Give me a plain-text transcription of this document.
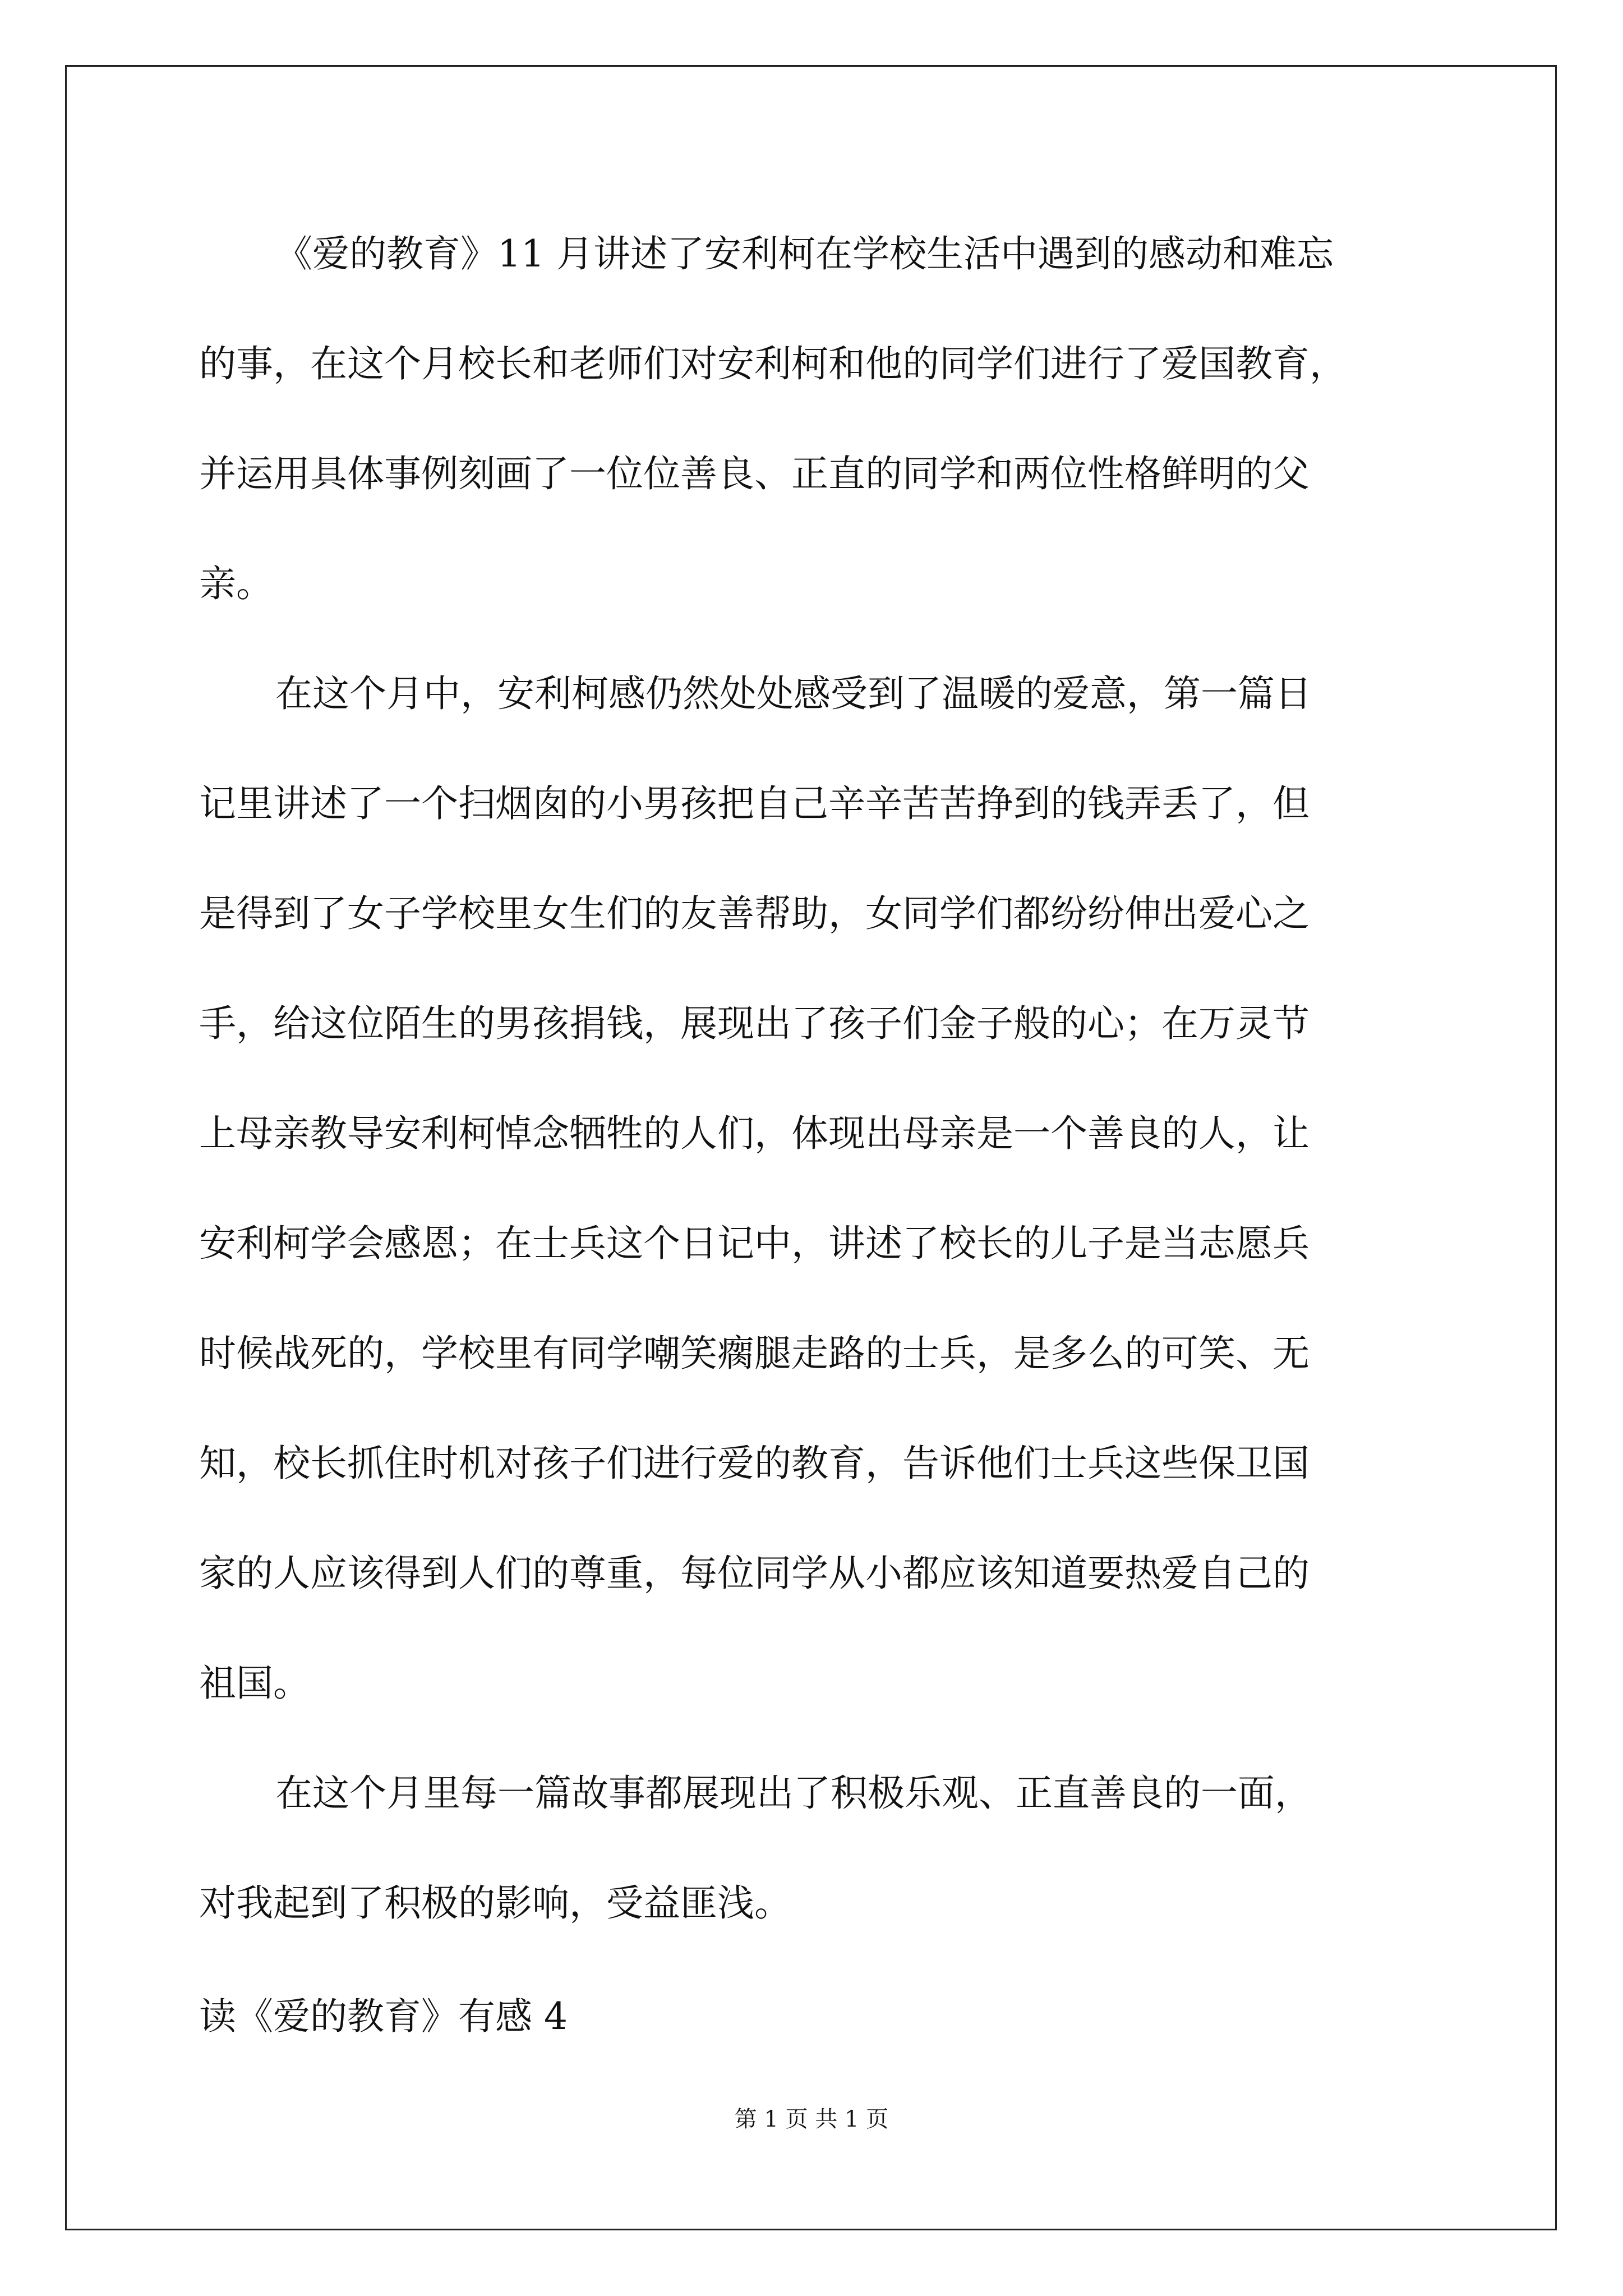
《爱的教育》11 月讲述了安利柯在学校生活中遇到的感动和难忘
的事，在这个月校长和老师们对安利柯和他的同学们进行了爱国教育，
并运用具体事例刻画了一位位善良、正直的同学和两位性格鲜明的父
亲。
在这个月中，安利柯感仍然处处感受到了温暖的爱意，第一篇日
记里讲述了一个扫烟囱的小男孩把自己辛辛苦苦挣到的钱弄丢了，但
是得到了女子学校里女生们的友善帮助，女同学们都纷纷伸出爱心之
手，给这位陌生的男孩捐钱，展现出了孩子们金子般的心；在万灵节
上母亲教导安利柯悼念牺牲的人们，体现出母亲是一个善良的人，让
安利柯学会感恩；在士兵这个日记中，讲述了校长的儿子是当志愿兵
时候战死的，学校里有同学嘲笑瘸腿走路的士兵，是多么的可笑、无
知，校长抓住时机对孩子们进行爱的教育，告诉他们士兵这些保卫国
家的人应该得到人们的尊重，每位同学从小都应该知道要热爱自己的
祖国。
在这个月里每一篇故事都展现出了积极乐观、正直善良的一面，
对我起到了积极的影响，受益匪浅。
读《爱的教育》有感 4
第 1 页 共 1 页
